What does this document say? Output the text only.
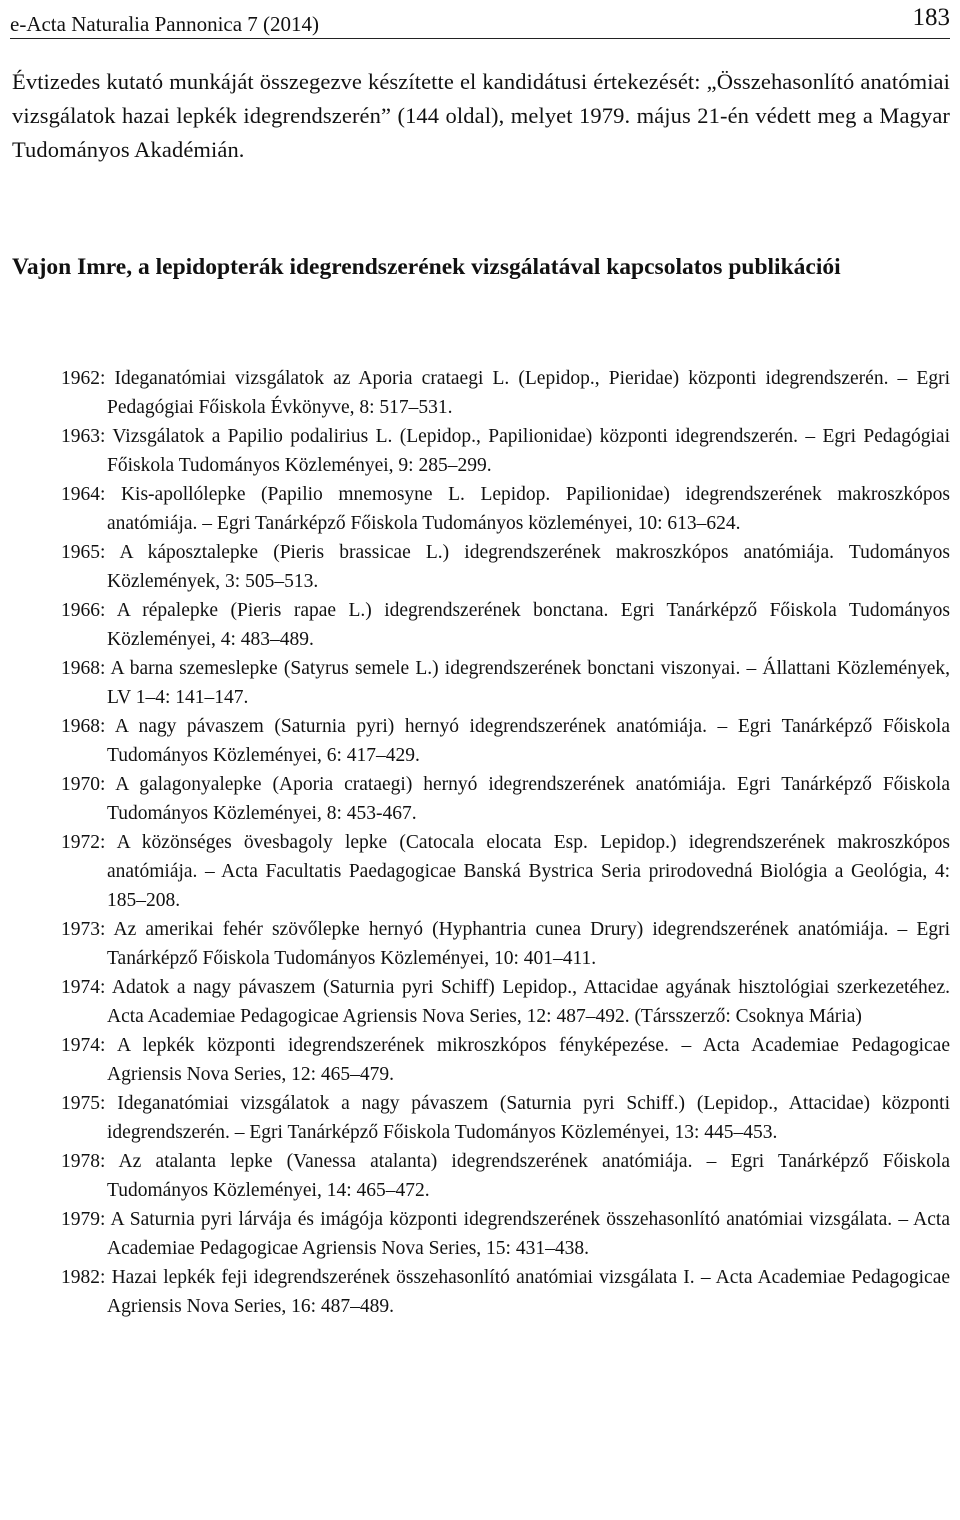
e-Acta Naturalia Pannonica 7 (2014)	183

Évtizedes kutató munkáját összegezve készítette el kandidátusi értekezését: „Összehasonlító anatómiai vizsgálatok hazai lepkék idegrendszerén” (144 oldal), melyet 1979. május 21-én védett meg a Magyar Tudományos Akadémián.

Vajon Imre, a lepidopterák idegrendszerének vizsgálatával kapcsolatos publikációi
1962: Ideganatómiai vizsgálatok az Aporia crataegi L. (Lepidop., Pieridae) központi idegrendszerén. – Egri Pedagógiai Főiskola Évkönyve, 8: 517–531.
1963: Vizsgálatok a Papilio podalirius L. (Lepidop., Papilionidae) központi idegrendszerén. – Egri Pedagógiai Főiskola Tudományos Közleményei, 9: 285–299.
1964: Kis-apollólepke (Papilio mnemosyne L. Lepidop. Papilionidae) idegrendszerének makroszkópos anatómiája. – Egri Tanárképző Főiskola Tudományos közleményei, 10: 613–624.
1965: A káposztalepke (Pieris brassicae L.) idegrendszerének makroszkópos anatómiája. Tudományos Közlemények, 3: 505–513.
1966: A répalepke (Pieris rapae L.) idegrendszerének bonctana. Egri Tanárképző Főiskola Tudományos Közleményei, 4: 483–489.
1968: A barna szemeslepke (Satyrus semele L.) idegrendszerének bonctani viszonyai. – Állattani Közlemények, LV 1–4: 141–147.
1968: A nagy pávaszem (Saturnia pyri) hernyó idegrendszerének anatómiája. – Egri Tanárképző Főiskola Tudományos Közleményei, 6: 417–429.
1970: A galagonyalepke (Aporia crataegi) hernyó idegrendszerének anatómiája. Egri Tanárképző Főiskola Tudományos Közleményei, 8: 453-467.
1972: A közönséges övesbagoly lepke (Catocala elocata Esp. Lepidop.) idegrendszerének makroszkópos anatómiája. – Acta Facultatis Paedagogicae Banská Bystrica Seria prirodovedná Biológia a Geológia, 4: 185–208.
1973: Az amerikai fehér szövőlepke hernyó (Hyphantria cunea Drury) idegrendszerének anatómiája. – Egri Tanárképző Főiskola Tudományos Közleményei, 10: 401–411.
1974: Adatok a nagy pávaszem (Saturnia pyri Schiff) Lepidop., Attacidae agyának hisztológiai szerkezetéhez. Acta Academiae Pedagogicae Agriensis Nova Series, 12: 487–492. (Társszerző: Csoknya Mária)
1974: A lepkék központi idegrendszerének mikroszkópos fényképezése. – Acta Academiae Pedagogicae Agriensis Nova Series, 12: 465–479.
1975: Ideganatómiai vizsgálatok a nagy pávaszem (Saturnia pyri Schiff.) (Lepidop., Attacidae) központi idegrendszerén. – Egri Tanárképző Főiskola Tudományos Közleményei, 13: 445–453.
1978: Az atalanta lepke (Vanessa atalanta) idegrendszerének anatómiája. – Egri Tanárképző Főiskola Tudományos Közleményei, 14: 465–472.
1979: A Saturnia pyri lárvája és imágója központi idegrendszerének összehasonlító anatómiai vizsgálata. – Acta Academiae Pedagogicae Agriensis Nova Series, 15: 431–438.
1982: Hazai lepkék feji idegrendszerének összehasonlító anatómiai vizsgálata I. – Acta Academiae Pedagogicae Agriensis Nova Series, 16: 487–489.
